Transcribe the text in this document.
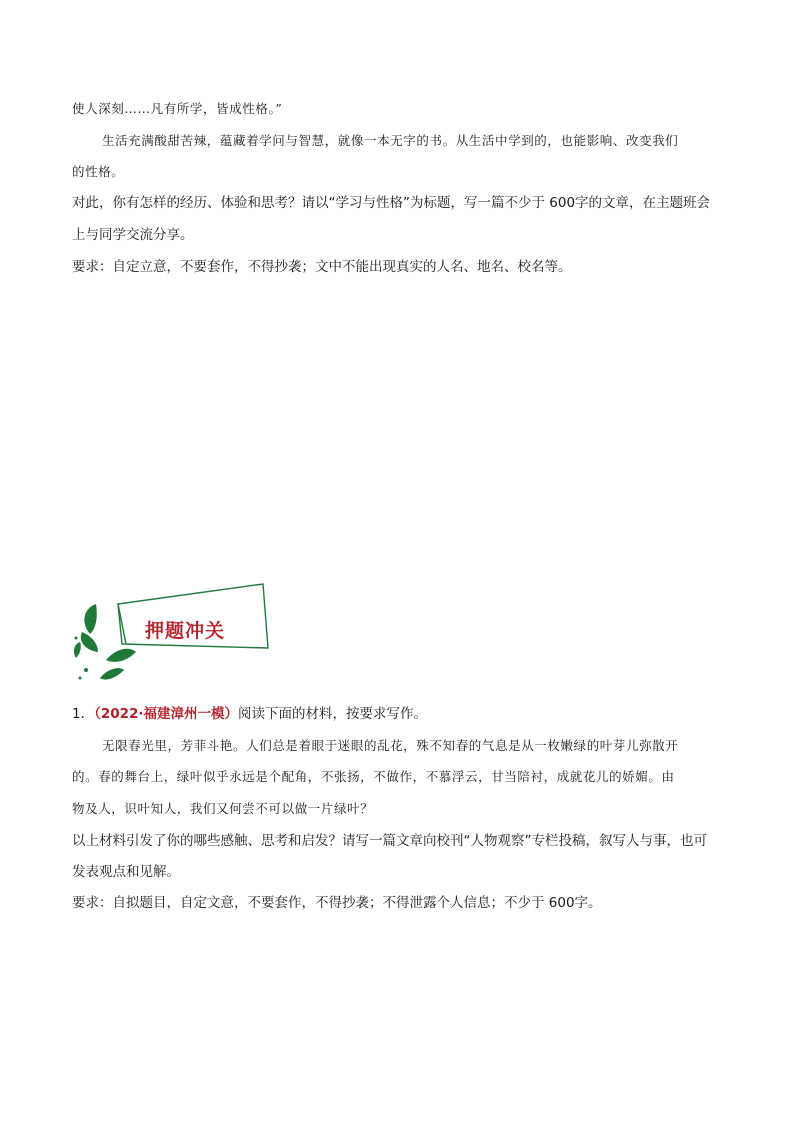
使人深刻……凡有所学，皆成性格。”
生活充满酸甜苦辣，蕴藏着学问与智慧，就像一本无字的书。从生活中学到的，也能影响、改变我们
的性格。
对此，你有怎样的经历、体验和思考？请以“学习与性格”为标题，写一篇不少于 600字的文章，在主题班会
上与同学交流分享。
要求：自定立意，不要套作，不得抄袭；文中不能出现真实的人名、地名、校名等。
押题冲关
1．（2022·福建漳州一模）阅读下面的材料，按要求写作。
无限春光里，芳菲斗艳。人们总是着眼于迷眼的乱花，殊不知春的气息是从一枚嫩绿的叶芽儿弥散开
的。春的舞台上，绿叶似乎永远是个配角，不张扬，不做作，不慕浮云，甘当陪衬，成就花儿的娇媚。由
物及人，识叶知人，我们又何尝不可以做一片绿叶？
以上材料引发了你的哪些感触、思考和启发？请写一篇文章向校刊“人物观察”专栏投稿，叙写人与事，也可
发表观点和见解。
要求：自拟题目，自定文意，不要套作，不得抄袭；不得泄露个人信息；不少于 600字。
